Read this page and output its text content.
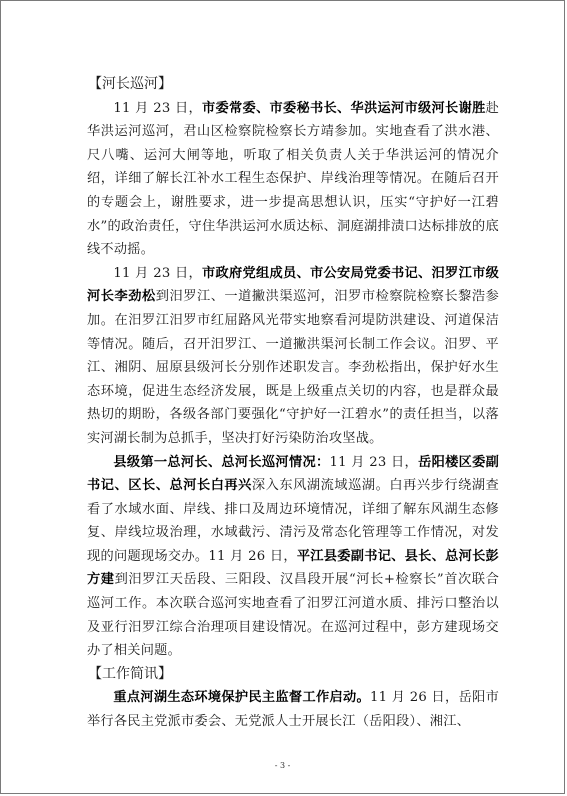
【河长巡河】

11 月 23 日，市委常委、市委秘书长、华洪运河市级河长谢胜赴华洪运河巡河，君山区检察院检察长方靖参加。实地查看了洪水港、尺八嘴、运河大闸等地，听取了相关负责人关于华洪运河的情况介绍，详细了解长江补水工程生态保护、岸线治理等情况。在随后召开的专题会上，谢胜要求，进一步提高思想认识，压实“守护好一江碧水”的政治责任，守住华洪运河水质达标、洞庭湖排渍口达标排放的底线不动摇。

11 月 23 日，市政府党组成员、市公安局党委书记、汨罗江市级河长李劲松到汨罗江、一道撇洪渠巡河，汨罗市检察院检察长黎浩参加。在汨罗江汨罗市红屈路风光带实地察看河堤防洪建设、河道保洁等情况。随后，召开汨罗江、一道撇洪渠河长制工作会议。汨罗、平江、湘阴、屈原县级河长分别作述职发言。李劲松指出，保护好水生态环境，促进生态经济发展，既是上级重点关切的内容，也是群众最热切的期盼，各级各部门要强化“守护好一江碧水”的责任担当，以落实河湖长制为总抓手，坚决打好污染防治攻坚战。

县级第一总河长、总河长巡河情况：11 月 23 日，岳阳楼区委副书记、区长、总河长白再兴深入东风湖流域巡湖。白再兴步行绕湖查看了水域水面、岸线、排口及周边环境情况，详细了解东风湖生态修复、岸线垃圾治理，水域截污、清污及常态化管理等工作情况，对发现的问题现场交办。11 月 26 日，平江县委副书记、县长、总河长彭方建到汨罗江天岳段、三阳段、汉昌段开展“河长+检察长”首次联合巡河工作。本次联合巡河实地查看了汨罗江河道水质、排污口整治以及亚行汨罗江综合治理项目建设情况。在巡河过程中，彭方建现场交办了相关问题。

【工作简讯】

重点河湖生态环境保护民主监督工作启动。11 月 26 日，岳阳市举行各民主党派市委会、无党派人士开展长江（岳阳段）、湘江、

- 3 -
